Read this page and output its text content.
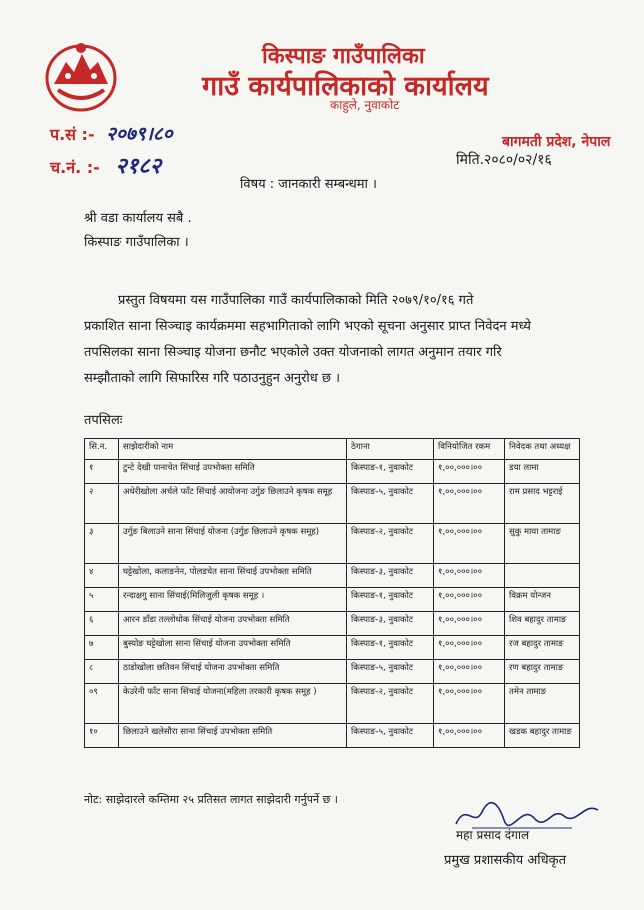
किस्पाङ गाउँपालिका
गाउँ कार्यपालिकाको कार्यालय
काहुले, नुवाकोट
प.सं :- २०७९।८०
च.नं. :- २१८२
बागमती प्रदेश, नेपाल
मिति.२०८०/०२/१६
विषय : जानकारी सम्बन्धमा ।
श्री वडा कार्यालय सबै .
किस्पाङ गाउँपालिका ।
प्रस्तुत विषयमा यस गाउँपालिका गाउँ कार्यपालिकाको मिति २०७९/१०/१६ गते
प्रकाशित साना सिञ्चाइ कार्यक्रममा सहभागिताको लागि भएको सूचना अनुसार प्राप्त निवेदन मध्ये
तपसिलका साना सिञ्चाइ योजना छनौट भएकोले उक्त योजनाको लागत अनुमान तयार गरि
सम्झौताको लागि सिफारिस गरि पठाउनुहुन अनुरोध छ ।
तपसिलः
सि.न.	साझेदारीको नाम	ठेगाना	विनियोजित रकम	निवेदक तथा अध्यक्ष
१	टुन्टे देखी पानाचेत सिंचाई उपभोक्ता समिति	किस्पाङ-१, नुवाकोट	१,००,०००।००	डया लामा
२	अधेरीखोला अर्चले फाँट सिंचाई आयोजना उर्गुङ छिलाउने कृषक समूह	किस्पाङ-५, नुवाकोट	१,००,०००।००	राम प्रसाद भट्टराई
३	उर्गुङ बिलाउने साना सिंचाई योजना (उर्गुङ छिलाउने कृषक समूह)	किस्पाङ-२, नुवाकोट	१,००,०००।००	सुकु माया तामाङ
४	घट्टेखोला, कलाङनेन, पोलडचेत साना सिंचाई उपभोक्ता समिति	किस्पाङ-३, नुवाकोट	१,००,०००।००	
५	रन्दाक्षगु साना सिंचाई(मिलिजुली कृषक समूह ।	किस्पाङ-१, नुवाकोट	१,००,०००।००	विक्रम योन्जन
६	आरन डाँडा तल्लोधोक सिंचाई योजना उपभोक्ता समिति	किस्पाङ-३, नुवाकोट	१,००,०००।००	शिव बहादुर तामाङ
७	बुस्योङ घट्टेखोला साना सिंचाई योजना उपभोक्ता समिति	किस्पाङ-१, नुवाकोट	१,००,०००।००	रज बहादुर तामाङ
८	ठाडोखोला छतिवन सिंचाई योजना उपभोक्ता समिति	किस्पाङ-५, नुवाकोट	१,००,०००।००	रण बहादुर तामाङ
०९	केउरेनी फाँट साना सिंचाई योजना(महिला तरकारी कृषक समूह )	किस्पाङ-२, नुवाकोट	१,००,०००।००	तमेन तामाङ
१०	छिलाउने खलेसौरा साना सिंचाई उपभोक्ता समिति	किस्पाङ-५, नुवाकोट	१,००,०००।००	खडक बहादुर तामाङ
नोट: साझेदारले कम्तिमा २५ प्रतिसत लागत साझेदारी गर्नुपर्ने छ ।
महा प्रसाद दंगाल
प्रमुख प्रशासकीय अधिकृत
